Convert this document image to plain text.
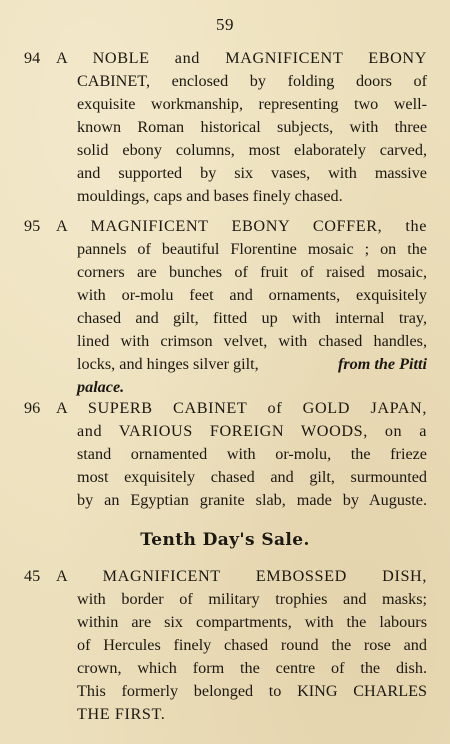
59
94 A NOBLE and MAGNIFICENT EBONY
CABINET, enclosed by folding doors of
exquisite workmanship, representing two well-
known Roman historical subjects, with three
solid ebony columns, most elaborately carved,
and supported by six vases, with massive
mouldings, caps and bases finely chased.
95 A MAGNIFICENT EBONY COFFER, the
pannels of beautiful Florentine mosaic ; on the
corners are bunches of fruit of raised mosaic,
with or-molu feet and ornaments, exquisitely
chased and gilt, fitted up with internal tray,
lined with crimson velvet, with chased handles,
locks, and hinges silver gilt,	from the Pitti
palace.
96 A SUPERB CABINET of GOLD JAPAN,
and VARIOUS FOREIGN WOODS, on a
stand ornamented with or-molu, the frieze
most exquisitely chased and gilt, surmounted
by an Egyptian granite slab, made by Auguste.
Tenth Day's Sale.
45 A MAGNIFICENT EMBOSSED DISH,
with border of military trophies and masks;
within are six compartments, with the labours
of Hercules finely chased round the rose and
crown, which form the centre of the dish.
This formerly belonged to KING CHARLES
THE FIRST.
